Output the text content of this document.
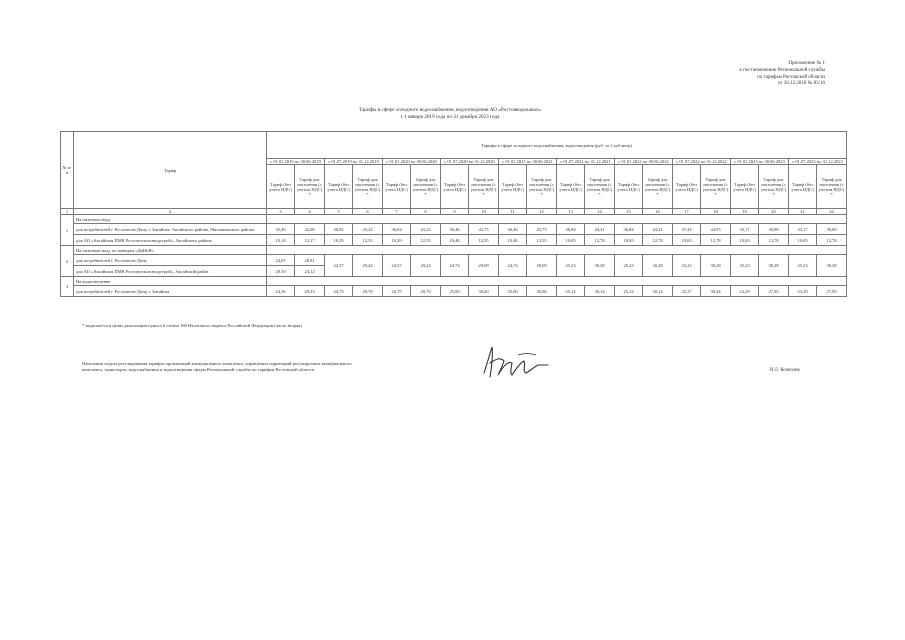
Приложение № 1
к постановлению Региональной службы
по тарифам Ростовской области
от 20.12.2018 № 83/16
Тарифы в сфере холодного водоснабжения, водоотведения АО «Ростовводоканал»
с 1 января 2019 года по 31 декабря 2023 года
№ п/п	Тариф	Тарифы в сфере холодного водоснабжения, водоотведения (руб. за 1 куб.метр)																			
		с 01.01.2019 по 30.06.2019		с 01.07.2019 по 31.12.2019		с 01.01.2020 по 30.06.2020		с 01.07.2020 по 31.12.2020		с 01.01.2021 по 30.06.2021		с 01.07.2021 по 31.12.2021		с 01.01.2022 по 30.06.2022		с 01.07.2022 по 31.12.2022		с 01.01.2023 по 30.06.2023		с 01.07.2023 по 31.12.2023	
		Тариф (без учета НДС)	Тариф для населения (с учетом НДС) *	Тариф (без учета НДС)	Тариф для населения (с учетом НДС) *	Тариф (без учета НДС)	Тариф для населения (с учетом НДС) *	Тариф (без учета НДС)	Тариф для населения (с учетом НДС) *	Тариф (без учета НДС)	Тариф для населения (с учетом НДС) *	Тариф (без учета НДС)	Тариф для населения (с учетом НДС) *	Тариф (без учета НДС)	Тариф для населения (с учетом НДС) *	Тариф (без учета НДС)	Тариф для населения (с учетом НДС) *	Тариф (без учета НДС)	Тариф для населения (с учетом НДС) *	Тариф (без учета НДС)	Тариф для населения (с учетом НДС) *
1	2	3	4	5	6	7	8	9	10	11	12	13	14	15	16	17	18	19	20	21	22
1	На питьевую воду																				
	для потребителей г. Ростова-на-Дону, г. Батайска, Аксайского района, Мясниковского района	35,49	42,08	36,02	43,22	36,02	43,22	36,46	43,75	36,46	43,75	36,84	44,21	36,84	44,21	37,44	44,93	33,17	39,80	33,17	39,80
	для АО «Аксайская ПМК Ростовсельхозводстрой», Аксайского района	10,14	12,17	10,29	12,35	10,29	12,35	10,46	12,55	10,46	12,55	10,65	12,78	10,65	12,78	10,65	12,78	10,65	12,78	10,65	12,78
2	На питьевую воду по выводам «ДиНиЯ»																				
	для потребителей г. Ростова-на-Дону	24,01	28,81	24,37	29,24	24,37	29,24	24,74	29,69	24,74	29,69	25,23	30,28	25,23	30,28	25,23	30,28	25,23	30,28	25,23	30,28
	для АО «Аксайская ПМК Ростовсельхозводстрой», Аксайский район	20,10	24,12																		
3	На водоотведение																				
	для потребителей г. Ростова-на-Дону, г. Батайска	24,36	29,23	24,75	29,70	24,75	29,70	25,00	30,00	25,00	30,00	25,12	30,14	25,12	30,14	25,37	30,44	23,29	27,95	23,29	27,95
* выделяется в целях реализации пункта 6 статьи 168 Налогового кодекса Российской Федерации (часть вторая)
Начальник отдела регулирования тарифов организаций коммунального комплекса, управления территорий регулируемых коммунального комплекса, транспорта, водоснабжения и водоотведения сферы Региональной службы по тарифам Ростовской области	Н.Л. Колесник
